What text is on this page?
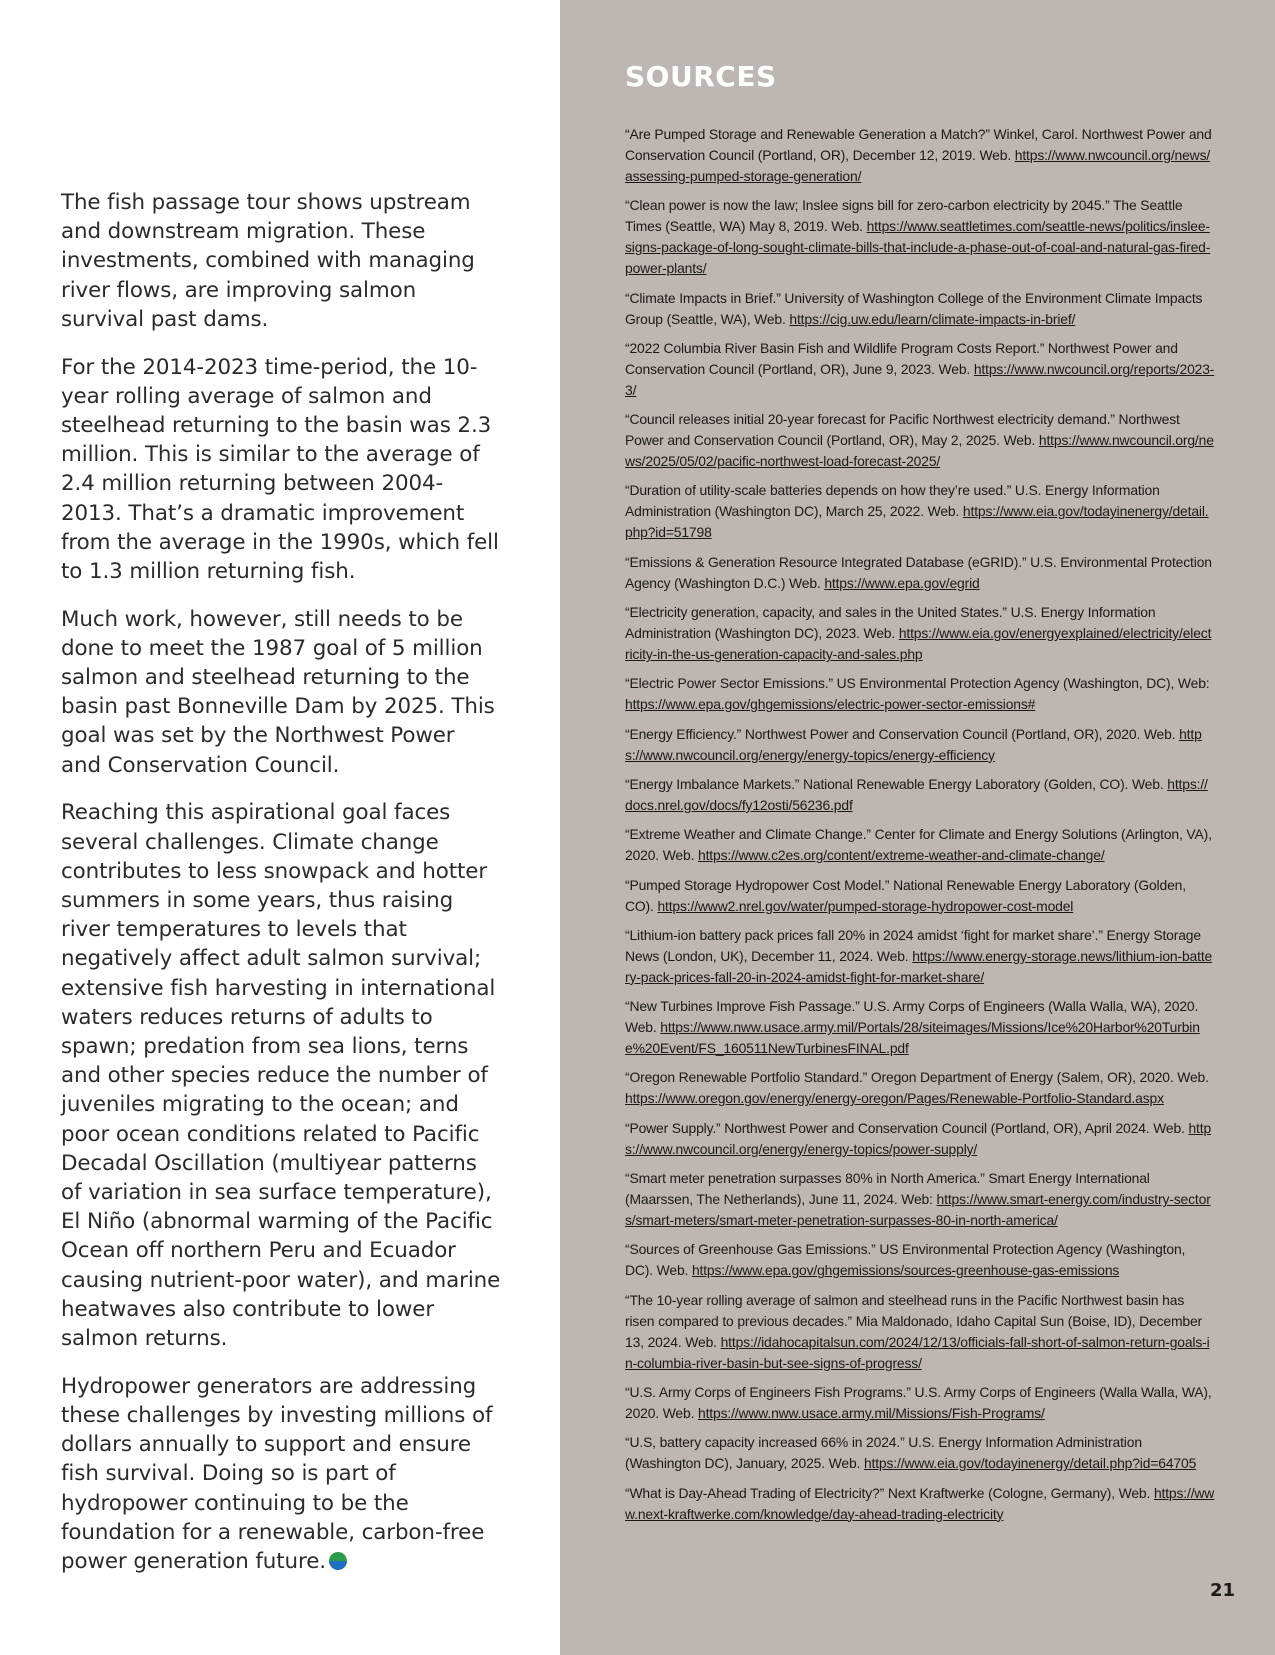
The fish passage tour shows upstream and downstream migration. These investments, combined with managing river flows, are improving salmon survival past dams.

For the 2014-2023 time-period, the 10-year rolling average of salmon and steelhead returning to the basin was 2.3 million. This is similar to the average of 2.4 million returning between 2004-2013. That’s a dramatic improvement from the average in the 1990s, which fell to 1.3 million returning fish.

Much work, however, still needs to be done to meet the 1987 goal of 5 million salmon and steelhead returning to the basin past Bonneville Dam by 2025. This goal was set by the Northwest Power and Conservation Council.

Reaching this aspirational goal faces several challenges. Climate change contributes to less snowpack and hotter summers in some years, thus raising river temperatures to levels that negatively affect adult salmon survival; extensive fish harvesting in international waters reduces returns of adults to spawn; predation from sea lions, terns and other species reduce the number of juveniles migrating to the ocean; and poor ocean conditions related to Pacific Decadal Oscillation (multiyear patterns of variation in sea surface temperature), El Niño (abnormal warming of the Pacific Ocean off northern Peru and Ecuador causing nutrient-poor water), and marine heatwaves also contribute to lower salmon returns.

Hydropower generators are addressing these challenges by investing millions of dollars annually to support and ensure fish survival. Doing so is part of hydropower continuing to be the foundation for a renewable, carbon-free power generation future.

SOURCES

“Are Pumped Storage and Renewable Generation a Match?” Winkel, Carol. Northwest Power and Conservation Council (Portland, OR), December 12, 2019. Web. https://www.nwcouncil.org/news/assessing-pumped-storage-generation/

“Clean power is now the law; Inslee signs bill for zero-carbon electricity by 2045.” The Seattle Times (Seattle, WA) May 8, 2019. Web. https://www.seattletimes.com/seattle-news/politics/inslee-signs-package-of-long-sought-climate-bills-that-include-a-phase-out-of-coal-and-natural-gas-fired-power-plants/

“Climate Impacts in Brief.” University of Washington College of the Environment Climate Impacts Group (Seattle, WA), Web. https://cig.uw.edu/learn/climate-impacts-in-brief/

“2022 Columbia River Basin Fish and Wildlife Program Costs Report.” Northwest Power and Conservation Council (Portland, OR), June 9, 2023. Web. https://www.nwcouncil.org/reports/2023-3/

“Council releases initial 20-year forecast for Pacific Northwest electricity demand.” Northwest Power and Conservation Council (Portland, OR), May 2, 2025. Web. https://www.nwcouncil.org/news/2025/05/02/pacific-northwest-load-forecast-2025/

“Duration of utility-scale batteries depends on how they’re used.” U.S. Energy Information Administration (Washington DC), March 25, 2022. Web. https://www.eia.gov/todayinenergy/detail.php?id=51798

“Emissions & Generation Resource Integrated Database (eGRID).” U.S. Environmental Protection Agency (Washington D.C.) Web. https://www.epa.gov/egrid

“Electricity generation, capacity, and sales in the United States.” U.S. Energy Information Administration (Washington DC), 2023. Web. https://www.eia.gov/energyexplained/electricity/electricity-in-the-us-generation-capacity-and-sales.php

“Electric Power Sector Emissions.” US Environmental Protection Agency (Washington, DC), Web: https://www.epa.gov/ghgemissions/electric-power-sector-emissions#

“Energy Efficiency.” Northwest Power and Conservation Council (Portland, OR), 2020. Web. https://www.nwcouncil.org/energy/energy-topics/energy-efficiency

“Energy Imbalance Markets.” National Renewable Energy Laboratory (Golden, CO). Web. https://docs.nrel.gov/docs/fy12osti/56236.pdf

“Extreme Weather and Climate Change.” Center for Climate and Energy Solutions (Arlington, VA), 2020. Web. https://www.c2es.org/content/extreme-weather-and-climate-change/

“Pumped Storage Hydropower Cost Model.” National Renewable Energy Laboratory (Golden, CO). https://www2.nrel.gov/water/pumped-storage-hydropower-cost-model

“Lithium-ion battery pack prices fall 20% in 2024 amidst ‘fight for market share’.” Energy Storage News (London, UK), December 11, 2024. Web. https://www.energy-storage.news/lithium-ion-battery-pack-prices-fall-20-in-2024-amidst-fight-for-market-share/

“New Turbines Improve Fish Passage.” U.S. Army Corps of Engineers (Walla Walla, WA), 2020. Web. https://www.nww.usace.army.mil/Portals/28/siteimages/Missions/Ice%20Harbor%20Turbine%20Event/FS_160511NewTurbinesFINAL.pdf

“Oregon Renewable Portfolio Standard.” Oregon Department of Energy (Salem, OR), 2020. Web. https://www.oregon.gov/energy/energy-oregon/Pages/Renewable-Portfolio-Standard.aspx

“Power Supply.” Northwest Power and Conservation Council (Portland, OR), April 2024. Web. https://www.nwcouncil.org/energy/energy-topics/power-supply/

“Smart meter penetration surpasses 80% in North America.” Smart Energy International (Maarssen, The Netherlands), June 11, 2024. Web: https://www.smart-energy.com/industry-sectors/smart-meters/smart-meter-penetration-surpasses-80-in-north-america/

“Sources of Greenhouse Gas Emissions.” US Environmental Protection Agency (Washington, DC). Web. https://www.epa.gov/ghgemissions/sources-greenhouse-gas-emissions

“The 10-year rolling average of salmon and steelhead runs in the Pacific Northwest basin has risen compared to previous decades.” Mia Maldonado, Idaho Capital Sun (Boise, ID), December 13, 2024. Web. https://idahocapitalsun.com/2024/12/13/officials-fall-short-of-salmon-return-goals-in-columbia-river-basin-but-see-signs-of-progress/

“U.S. Army Corps of Engineers Fish Programs.” U.S. Army Corps of Engineers (Walla Walla, WA), 2020. Web. https://www.nww.usace.army.mil/Missions/Fish-Programs/

“U.S, battery capacity increased 66% in 2024.” U.S. Energy Information Administration (Washington DC), January, 2025. Web. https://www.eia.gov/todayinenergy/detail.php?id=64705

“What is Day-Ahead Trading of Electricity?” Next Kraftwerke (Cologne, Germany), Web. https://www.next-kraftwerke.com/knowledge/day-ahead-trading-electricity

21
